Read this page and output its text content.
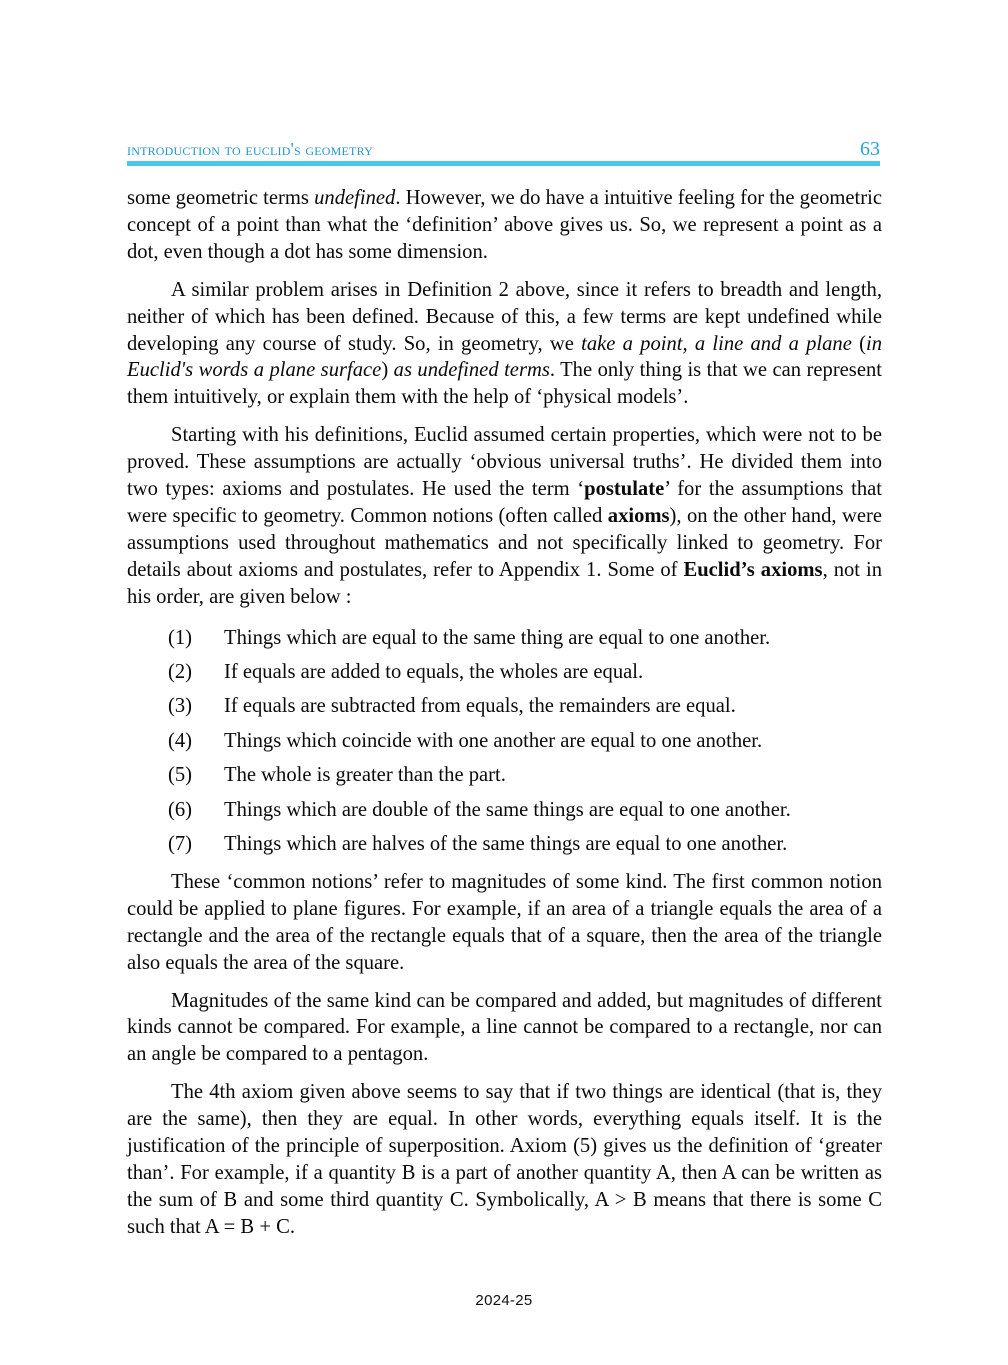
introduction to euclid's geometry	63

some geometric terms undefined. However, we do have a intuitive feeling for the geometric concept of a point than what the ‘definition’ above gives us. So, we represent a point as a dot, even though a dot has some dimension.

A similar problem arises in Definition 2 above, since it refers to breadth and length, neither of which has been defined. Because of this, a few terms are kept undefined while developing any course of study. So, in geometry, we take a point, a line and a plane (in Euclid's words a plane surface) as undefined terms. The only thing is that we can represent them intuitively, or explain them with the help of ‘physical models’.

Starting with his definitions, Euclid assumed certain properties, which were not to be proved. These assumptions are actually ‘obvious universal truths’. He divided them into two types: axioms and postulates. He used the term ‘postulate’ for the assumptions that were specific to geometry. Common notions (often called axioms), on the other hand, were assumptions used throughout mathematics and not specifically linked to geometry. For details about axioms and postulates, refer to Appendix 1. Some of Euclid’s axioms, not in his order, are given below :

(1)	Things which are equal to the same thing are equal to one another.
(2)	If equals are added to equals, the wholes are equal.
(3)	If equals are subtracted from equals, the remainders are equal.
(4)	Things which coincide with one another are equal to one another.
(5)	The whole is greater than the part.
(6)	Things which are double of the same things are equal to one another.
(7)	Things which are halves of the same things are equal to one another.

These ‘common notions’ refer to magnitudes of some kind. The first common notion could be applied to plane figures. For example, if an area of a triangle equals the area of a rectangle and the area of the rectangle equals that of a square, then the area of the triangle also equals the area of the square.

Magnitudes of the same kind can be compared and added, but magnitudes of different kinds cannot be compared. For example, a line cannot be compared to a rectangle, nor can an angle be compared to a pentagon.

The 4th axiom given above seems to say that if two things are identical (that is, they are the same), then they are equal. In other words, everything equals itself. It is the justification of the principle of superposition. Axiom (5) gives us the definition of ‘greater than’. For example, if a quantity B is a part of another quantity A, then A can be written as the sum of B and some third quantity C. Symbolically, A > B means that there is some C such that A = B + C.

2024-25
